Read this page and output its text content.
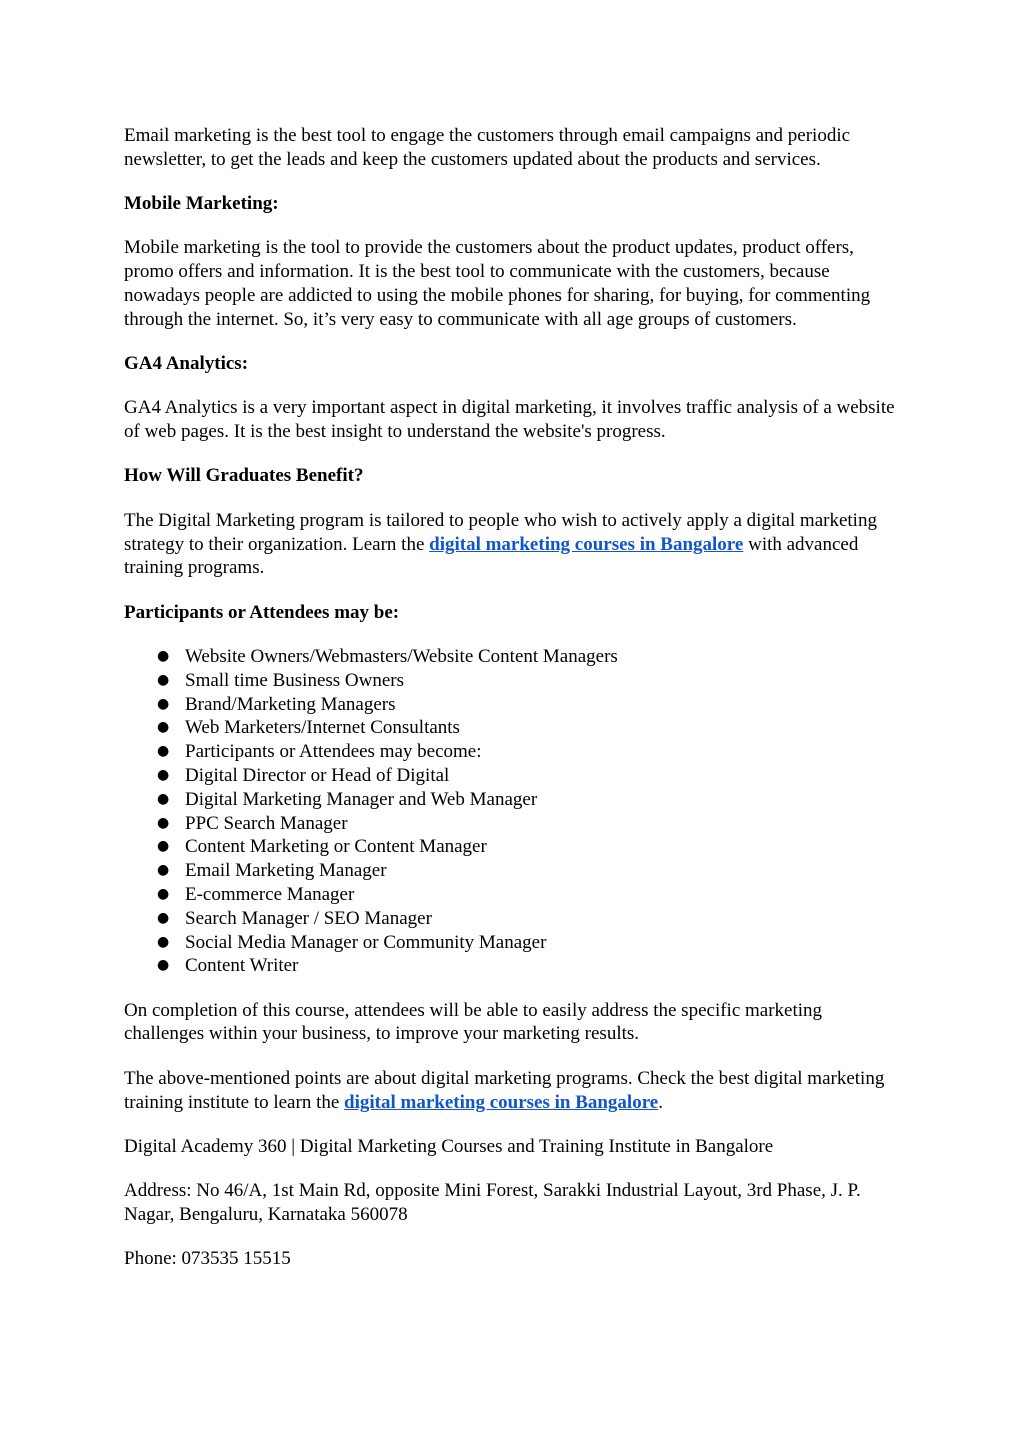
Email marketing is the best tool to engage the customers through email campaigns and periodic newsletter, to get the leads and keep the customers updated about the products and services.

Mobile Marketing:

Mobile marketing is the tool to provide the customers about the product updates, product offers, promo offers and information. It is the best tool to communicate with the customers, because nowadays people are addicted to using the mobile phones for sharing, for buying, for commenting through the internet. So, it’s very easy to communicate with all age groups of customers.

GA4 Analytics:

GA4 Analytics is a very important aspect in digital marketing, it involves traffic analysis of a website of web pages. It is the best insight to understand the website's progress.

How Will Graduates Benefit?

The Digital Marketing program is tailored to people who wish to actively apply a digital marketing strategy to their organization. Learn the digital marketing courses in Bangalore with advanced training programs.

Participants or Attendees may be:

● Website Owners/Webmasters/Website Content Managers
● Small time Business Owners
● Brand/Marketing Managers
● Web Marketers/Internet Consultants
● Participants or Attendees may become:
● Digital Director or Head of Digital
● Digital Marketing Manager and Web Manager
● PPC Search Manager
● Content Marketing or Content Manager
● Email Marketing Manager
● E-commerce Manager
● Search Manager / SEO Manager
● Social Media Manager or Community Manager
● Content Writer

On completion of this course, attendees will be able to easily address the specific marketing challenges within your business, to improve your marketing results.

The above-mentioned points are about digital marketing programs. Check the best digital marketing training institute to learn the digital marketing courses in Bangalore.

Digital Academy 360 | Digital Marketing Courses and Training Institute in Bangalore

Address: No 46/A, 1st Main Rd, opposite Mini Forest, Sarakki Industrial Layout, 3rd Phase, J. P. Nagar, Bengaluru, Karnataka 560078

Phone: 073535 15515
